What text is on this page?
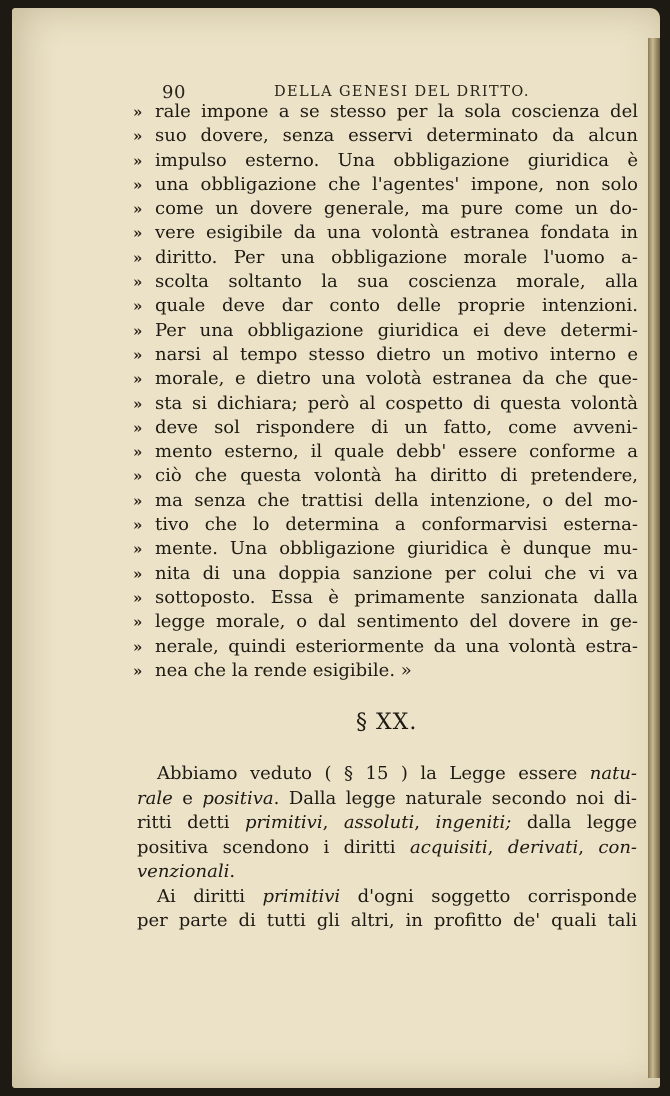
90	DELLA GENESI DEL DRITTO.
» rale impone a se stesso per la sola coscienza del
» suo dovere, senza esservi determinato da alcun
» impulso esterno. Una obbligazione giuridica è
» una obbligazione che l'agentes' impone, non solo
» come un dovere generale, ma pure come un do-
» vere esigibile da una volontà estranea fondata in
» diritto. Per una obbligazione morale l'uomo a-
» scolta soltanto la sua coscienza morale, alla
» quale deve dar conto delle proprie intenzioni.
» Per una obbligazione giuridica ei deve determi-
» narsi al tempo stesso dietro un motivo interno e
» morale, e dietro una volotà estranea da che que-
» sta si dichiara; però al cospetto di questa volontà
» deve sol rispondere di un fatto, come avveni-
» mento esterno, il quale debb' essere conforme a
» ciò che questa volontà ha diritto di pretendere,
» ma senza che trattisi della intenzione, o del mo-
» tivo che lo determina a conformarvisi esterna-
» mente. Una obbligazione giuridica è dunque mu-
» nita di una doppia sanzione per colui che vi va
» sottoposto. Essa è primamente sanzionata dalla
» legge morale, o dal sentimento del dovere in ge-
» nerale, quindi esteriormente da una volontà estra-
» nea che la rende esigibile. »
§ XX.
Abbiamo veduto ( § 15 ) la Legge essere natu-
rale e positiva. Dalla legge naturale secondo noi di-
ritti detti primitivi, assoluti, ingeniti; dalla legge
positiva scendono i diritti acquisiti, derivati, con-
venzionali.
Ai diritti primitivi d'ogni soggetto corrisponde
per parte di tutti gli altri, in profitto de' quali tali
